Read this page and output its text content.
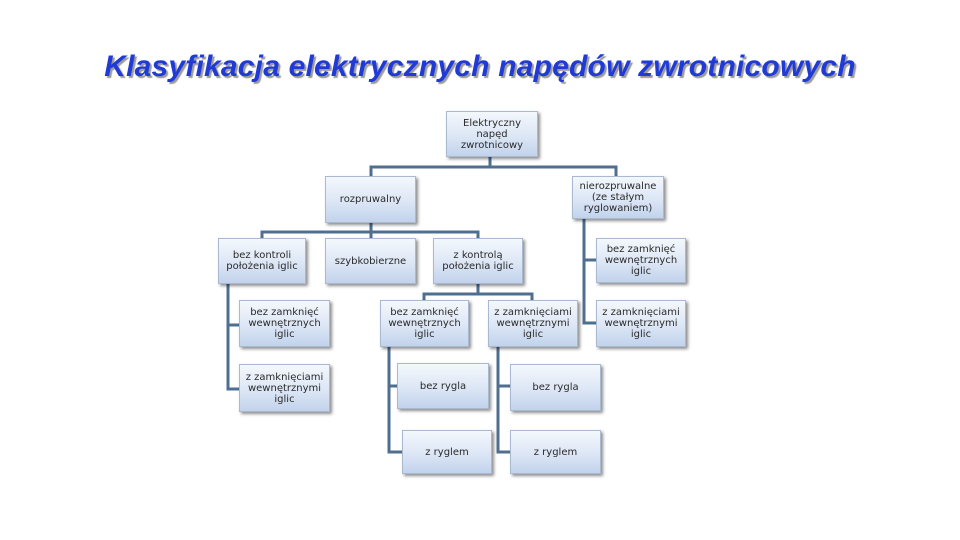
Klasyfikacja elektrycznych napędów zwrotnicowych
Elektryczny napęd zwrotnicowy
rozpruwalny
nierozpruwalne (ze stałym ryglowaniem)
bez kontroli położenia iglic	szybkobierzne	z kontrolą położenia iglic
bez zamknięć wewnętrznych iglic
z zamknięciami wewnętrznymi iglic
bez zamknięć wewnętrznych iglic
z zamknięciami wewnętrznymi iglic
bez rygla
z ryglem
bez rygla
z ryglem
bez zamknięć wewnętrznych iglic
z zamknięciami wewnętrznymi iglic
